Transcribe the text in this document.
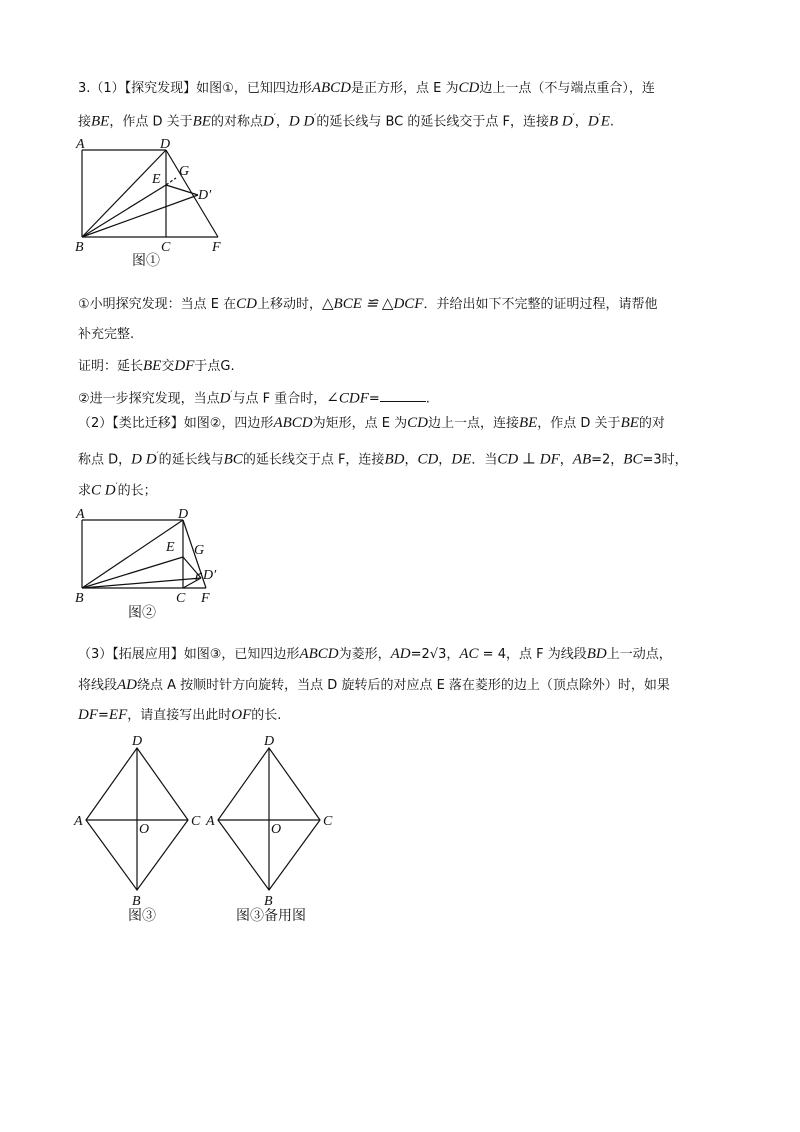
3.（1）【探究发现】如图①，已知四边形ABCD是正方形，点 E 为CD边上一点（不与端点重合），连
接BE，作点 D 关于BE的对称点D′，D D′的延长线与 BC 的延长线交于点 F，连接B D′，D′E.
A	D
G
E
D′
B	C	F
图①
①小明探究发现：当点 E 在CD上移动时，△BCE ≌ △DCF．并给出如下不完整的证明过程，请帮他
补充完整.
证明：延长BE交DF于点G.
②进一步探究发现，当点D′与点 F 重合时，∠CDF=	.
（2）【类比迁移】如图②，四边形ABCD为矩形，点 E 为CD边上一点，连接BE，作点 D 关于BE的对
称点 D，D D′的延长线与BC的延长线交于点 F，连接BD，CD，DE．当CD ⊥ DF，AB=2，BC=3时，
求C D′的长；
A	D
E G
D′
B	C F
图②
（3）【拓展应用】如图③，已知四边形ABCD为菱形，AD=2√3，AC = 4，点 F 为线段BD上一动点，
将线段AD绕点 A 按顺时针方向旋转，当点 D 旋转后的对应点 E 落在菱形的边上（顶点除外）时，如果
DF=EF，请直接写出此时OF的长.
D
A
O
C
B
图③
D
A
O
C
B
图③备用图
